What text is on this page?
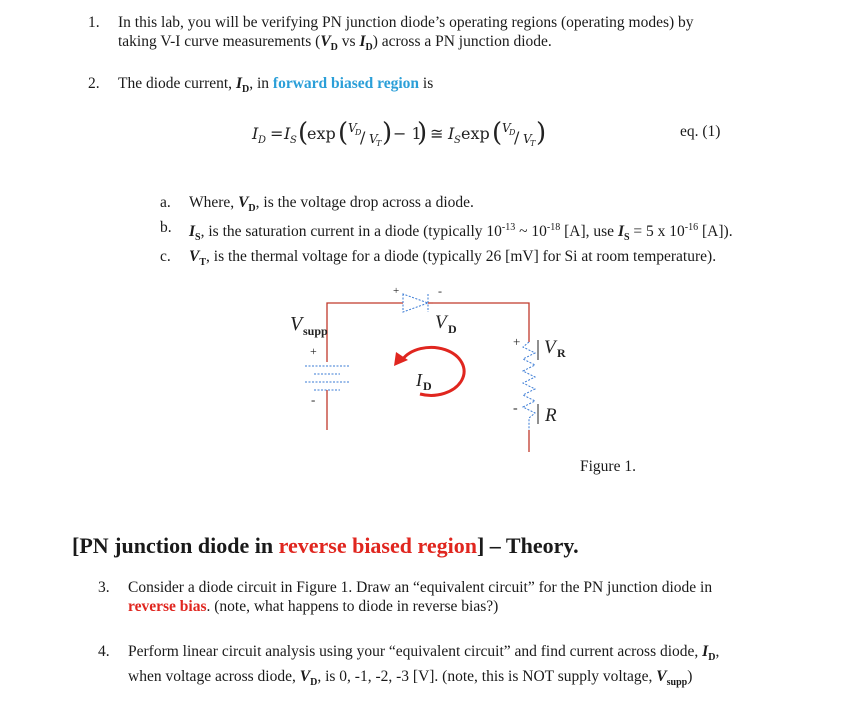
1. In this lab, you will be verifying PN junction diode’s operating regions (operating modes) by
taking V-I curve measurements ($V_D$ vs $I_D$) across a PN junction diode.
2. The diode current, $I_D$, in forward biased region is
I D = I S (
exp ( V
D
/ V
T ) − 1
) ≅ I S exp ( V
D
/ V
T )	eq. (1)
a. Where, $V_D$, is the voltage drop across a diode.
b. $I_S$, is the saturation current in a diode (typically $10^{-13}$ ~ $10^{-18}$ [A], use $I_S = 5$ x $10^{-16}$ [A]).
c. $V_T$, is the thermal voltage for a diode (typically 26 [mV] for Si at room temperature).
V supp
+
-
+	-
V D
I D
+
-
V R
R
Figure 1.
[PN junction diode in reverse biased region] – Theory.
3. Consider a diode circuit in Figure 1. Draw an “equivalent circuit” for the PN junction diode in
reverse bias. (note, what happens to diode in reverse bias?)
4. Perform linear circuit analysis using your “equivalent circuit” and find current across diode, $I_D$,
when voltage across diode, $V_D$, is 0, -1, -2, -3 [V]. (note, this is NOT supply voltage, $V_{supp}$)
